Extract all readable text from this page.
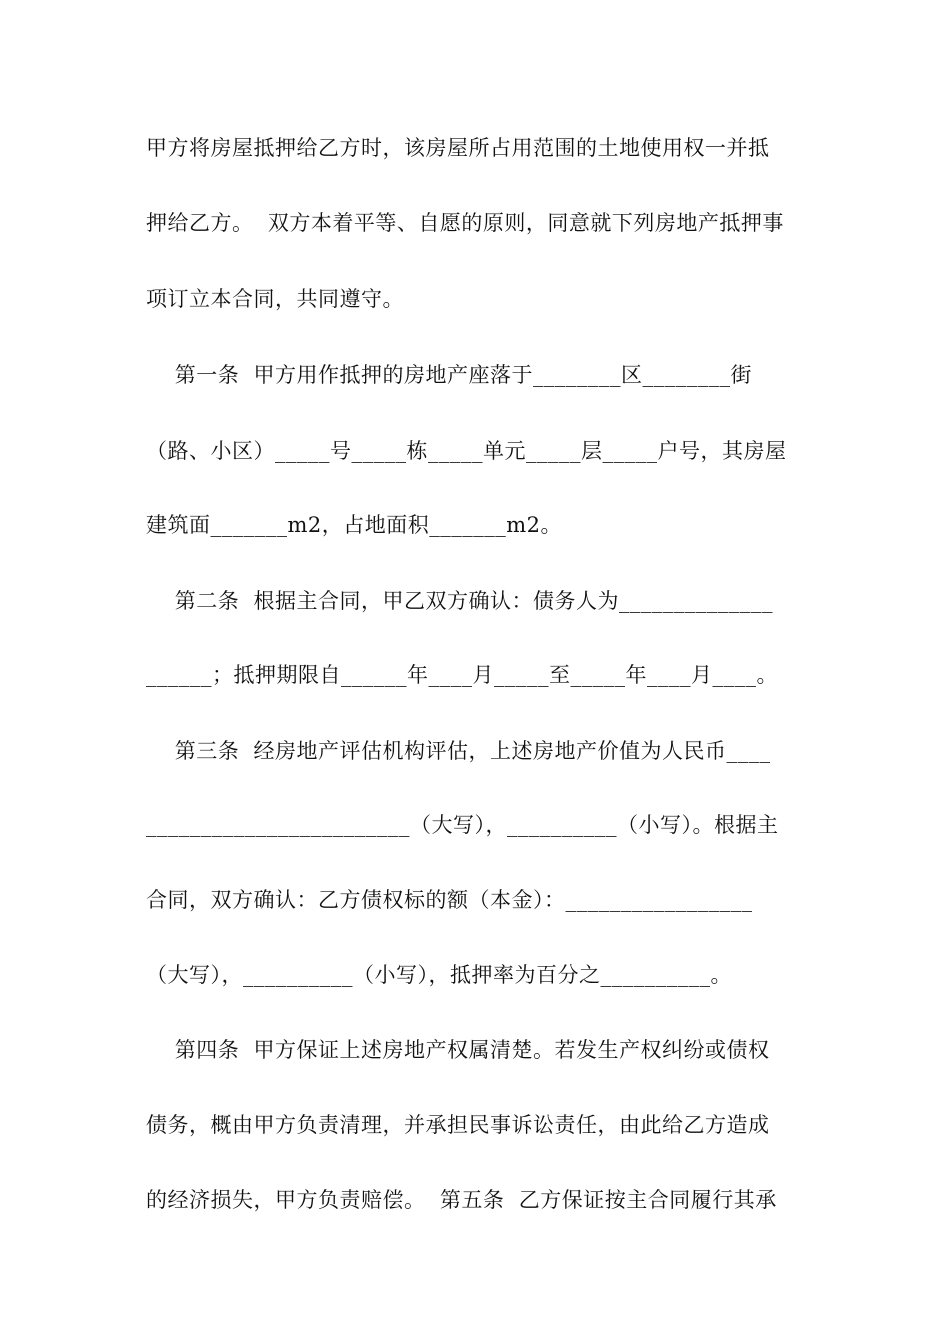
甲方将房屋抵押给乙方时，该房屋所占用范围的土地使用权一并抵
押给乙方。  双方本着平等、自愿的原则，同意就下列房地产抵押事
项订立本合同，共同遵守。
第一条  甲方用作抵押的房地产座落于________区________街
（路、小区）_____号_____栋_____单元_____层_____户号，其房屋
建筑面_______m2，占地面积_______m2。
第二条  根据主合同，甲乙双方确认：债务人为______________
______；抵押期限自______年____月_____至_____年____月____。
第三条  经房地产评估机构评估，上述房地产价值为人民币____
________________________（大写），__________（小写）。根据主
合同，双方确认：乙方债权标的额（本金）：_________________
（大写），__________（小写），抵押率为百分之__________。
第四条  甲方保证上述房地产权属清楚。若发生产权纠纷或债权
债务，概由甲方负责清理，并承担民事诉讼责任，由此给乙方造成
的经济损失，甲方负责赔偿。  第五条  乙方保证按主合同履行其承
